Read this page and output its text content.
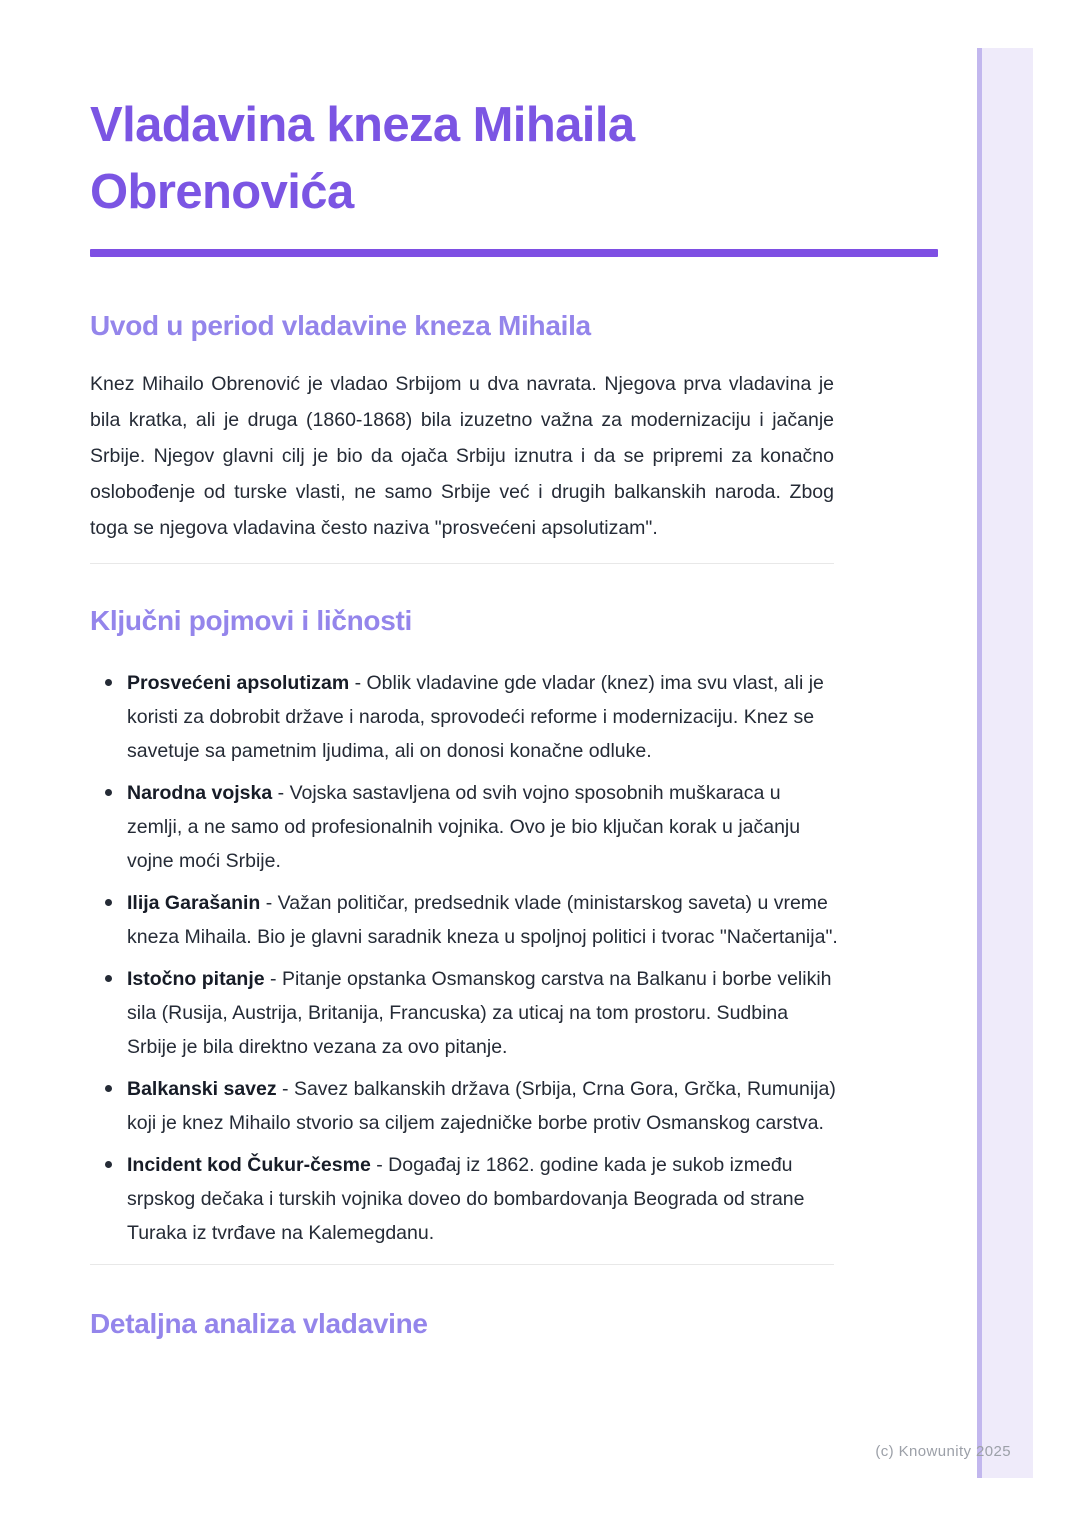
Vladavina kneza Mihaila Obrenovića
Uvod u period vladavine kneza Mihaila

Knez Mihailo Obrenović je vladao Srbijom u dva navrata. Njegova prva vladavina je bila kratka, ali je druga (1860-1868) bila izuzetno važna za modernizaciju i jačanje Srbije. Njegov glavni cilj je bio da ojača Srbiju iznutra i da se pripremi za konačno oslobođenje od turske vlasti, ne samo Srbije već i drugih balkanskih naroda. Zbog toga se njegova vladavina često naziva "prosvećeni apsolutizam".

Ključni pojmovi i ličnosti
Prosvećeni apsolutizam - Oblik vladavine gde vladar (knez) ima svu vlast, ali je koristi za dobrobit države i naroda, sprovodeći reforme i modernizaciju. Knez se savetuje sa pametnim ljudima, ali on donosi konačne odluke.
Narodna vojska - Vojska sastavljena od svih vojno sposobnih muškaraca u zemlji, a ne samo od profesionalnih vojnika. Ovo je bio ključan korak u jačanju vojne moći Srbije.
Ilija Garašanin - Važan političar, predsednik vlade (ministarskog saveta) u vreme kneza Mihaila. Bio je glavni saradnik kneza u spoljnoj politici i tvorac "Načertanija".
Istočno pitanje - Pitanje opstanka Osmanskog carstva na Balkanu i borbe velikih sila (Rusija, Austrija, Britanija, Francuska) za uticaj na tom prostoru. Sudbina Srbije je bila direktno vezana za ovo pitanje.
Balkanski savez - Savez balkanskih država (Srbija, Crna Gora, Grčka, Rumunija) koji je knez Mihailo stvorio sa ciljem zajedničke borbe protiv Osmanskog carstva.
Incident kod Čukur-česme - Događaj iz 1862. godine kada je sukob između srpskog dečaka i turskih vojnika doveo do bombardovanja Beograda od strane Turaka iz tvrđave na Kalemegdanu.
Detaljna analiza vladavine
(c) Knowunity 2025
